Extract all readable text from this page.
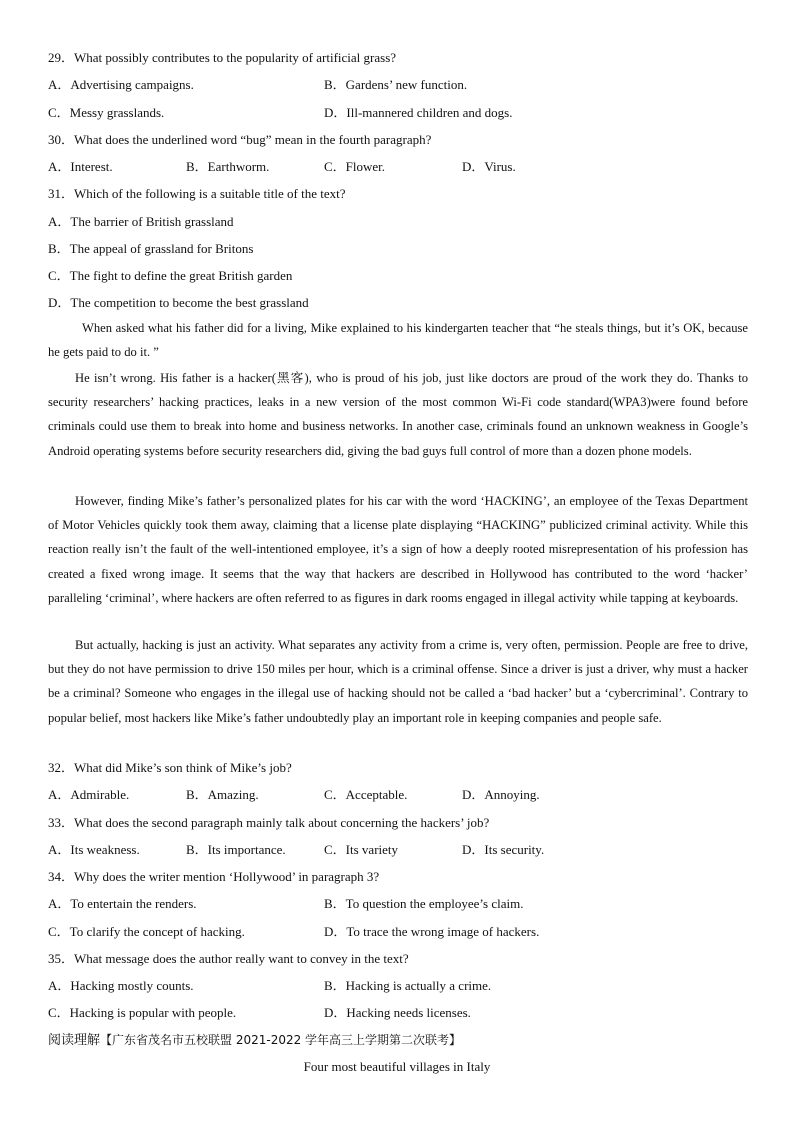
29．What possibly contributes to the popularity of artificial grass?
A．Advertising campaigns.	B．Gardens’ new function.
C．Messy grasslands.	D．Ill-mannered children and dogs.
30．What does the underlined word “bug” mean in the fourth paragraph?
A．Interest.	B．Earthworm.	C．Flower.	D．Virus.
31．Which of the following is a suitable title of the text?
A．The barrier of British grassland
B．The appeal of grassland for Britons
C．The fight to define the great British garden
D．The competition to become the best grassland

When asked what his father did for a living, Mike explained to his kindergarten teacher that “he steals things, but it’s OK, because he gets paid to do it. ”

He isn’t wrong. His father is a hacker(黑客), who is proud of his job, just like doctors are proud of the work they do. Thanks to security researchers’ hacking practices, leaks in a new version of the most common Wi-Fi code standard(WPA3)were found before criminals could use them to break into home and business networks. In another case, criminals found an unknown weakness in Google’s Android operating systems before security researchers did, giving the bad guys full control of more than a dozen phone models.

However, finding Mike’s father’s personalized plates for his car with the word ‘HACKING’, an employee of the Texas Department of Motor Vehicles quickly took them away, claiming that a license plate displaying “HACKING” publicized criminal activity. While this reaction really isn’t the fault of the well-intentioned employee, it’s a sign of how a deeply rooted misrepresentation of his profession has created a fixed wrong image. It seems that the way that hackers are described in Hollywood has contributed to the word ‘hacker’ paralleling ‘criminal’, where hackers are often referred to as figures in dark rooms engaged in illegal activity while tapping at keyboards.

But actually, hacking is just an activity. What separates any activity from a crime is, very often, permission. People are free to drive, but they do not have permission to drive 150 miles per hour, which is a criminal offense. Since a driver is just a driver, why must a hacker be a criminal? Someone who engages in the illegal use of hacking should not be called a ‘bad hacker’ but a ‘cybercriminal’. Contrary to popular belief, most hackers like Mike’s father undoubtedly play an important role in keeping companies and people safe.

32．What did Mike’s son think of Mike’s job?
A．Admirable.	B．Amazing.	C．Acceptable.	D．Annoying.
33．What does the second paragraph mainly talk about concerning the hackers’ job?
A．Its weakness.	B．Its importance.	C．Its variety	D．Its security.
34．Why does the writer mention ‘Hollywood’ in paragraph 3?
A．To entertain the renders.	B．To question the employee’s claim.
C．To clarify the concept of hacking.	D．To trace the wrong image of hackers.
35．What message does the author really want to convey in the text?
A．Hacking mostly counts.	B．Hacking is actually a crime.
C．Hacking is popular with people.	D．Hacking needs licenses.
阅读理解【广东省茂名市五校联盟 2021-2022 学年高三上学期第二次联考】
Four most beautiful villages in Italy
